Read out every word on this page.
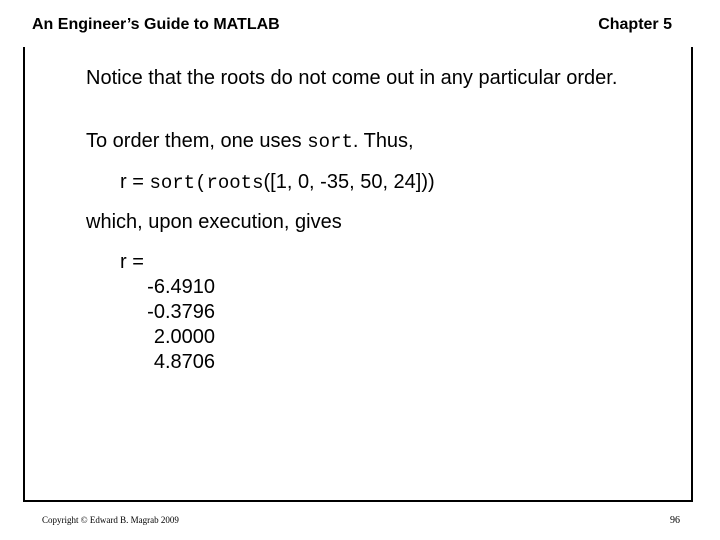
An Engineer’s Guide to MATLAB	Chapter 5
Notice that the roots do not come out in any particular order.
To order them, one uses sort. Thus,
r = sort(roots([1, 0, -35, 50, 24]))
which, upon execution, gives
r =
-6.4910
-0.3796
2.0000
4.8706
Copyright © Edward B. Magrab 2009	96
